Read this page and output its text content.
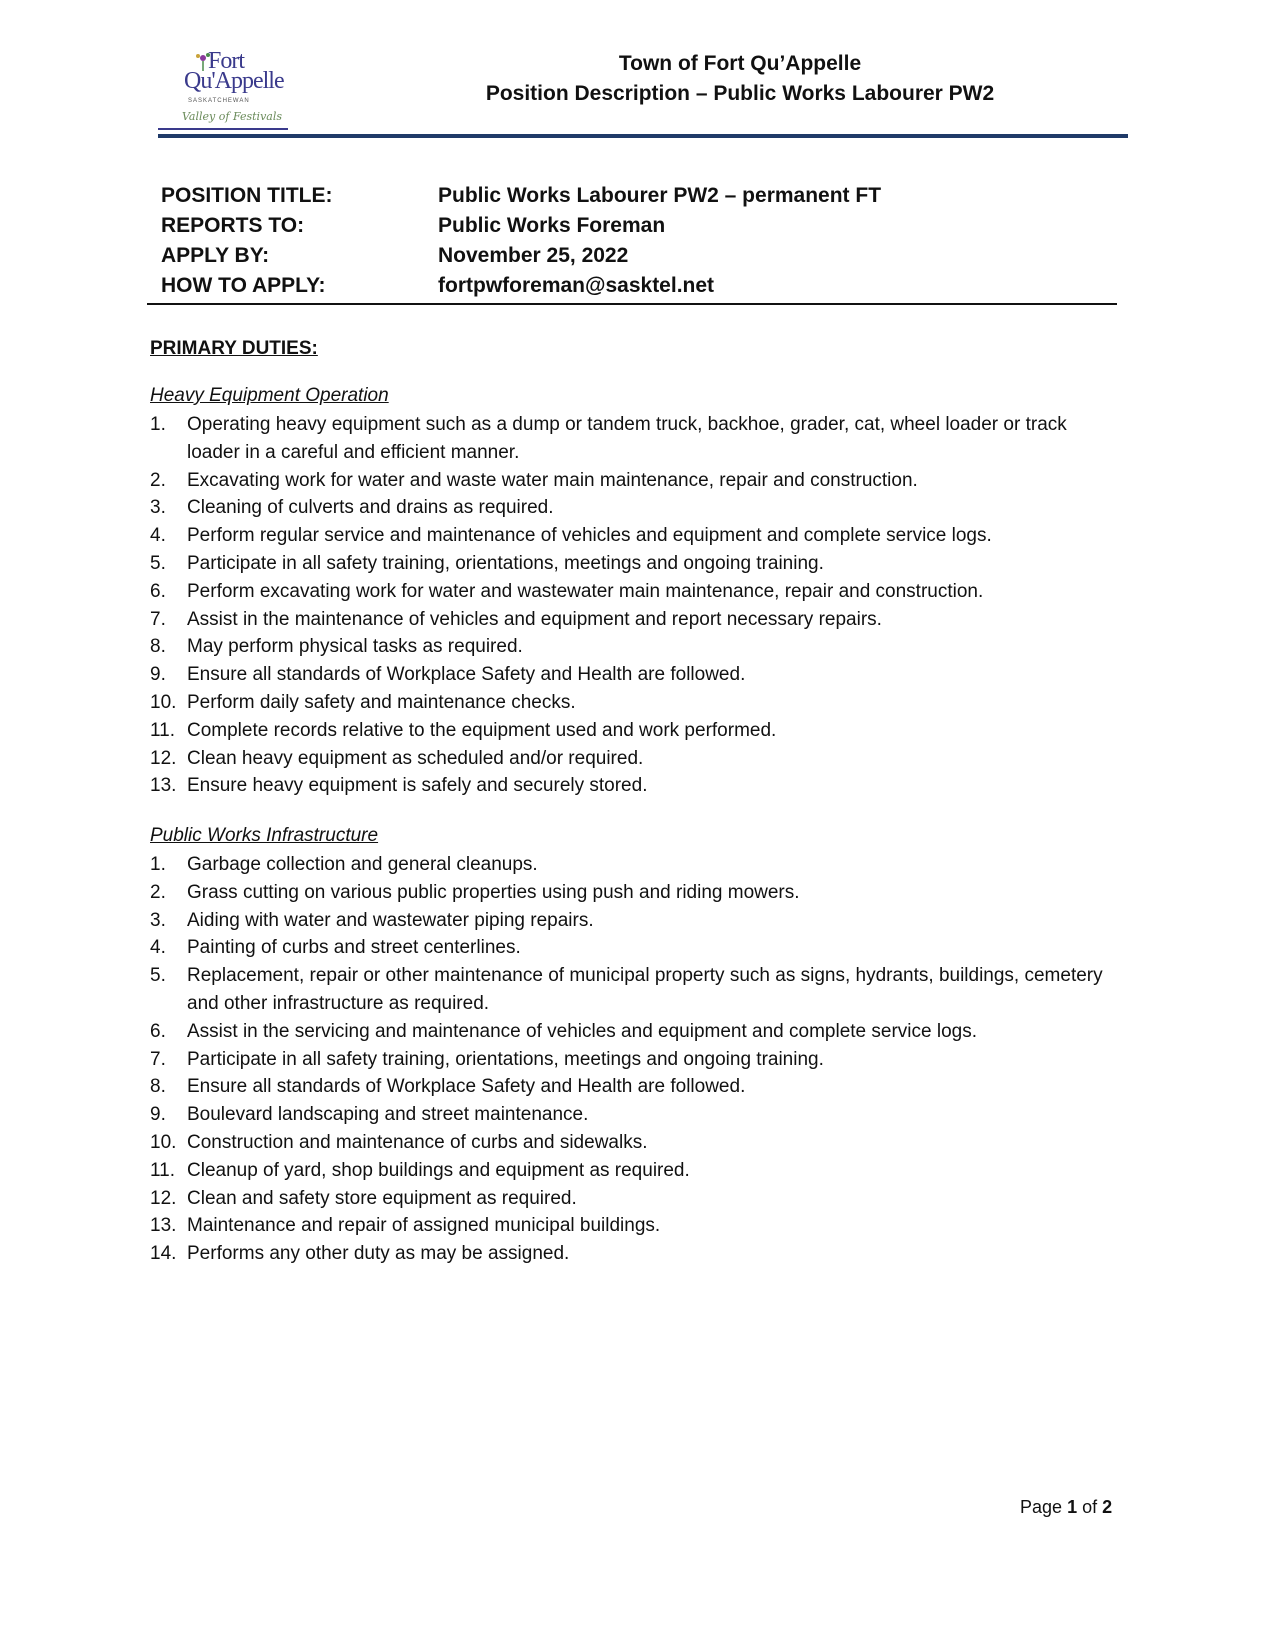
Fort
Qu'Appelle
SASKATCHEWAN
Valley of Festivals
Town of Fort Qu’Appelle
Position Description – Public Works Labourer PW2
POSITION TITLE:	Public Works Labourer PW2 – permanent FT
REPORTS TO:	Public Works Foreman
APPLY BY:	November 25, 2022
HOW TO APPLY:	fortpwforeman@sasktel.net
PRIMARY DUTIES:
Heavy Equipment Operation
1. Operating heavy equipment such as a dump or tandem truck, backhoe, grader, cat, wheel loader or track loader in a careful and efficient manner.
2. Excavating work for water and waste water main maintenance, repair and construction.
3. Cleaning of culverts and drains as required.
4. Perform regular service and maintenance of vehicles and equipment and complete service logs.
5. Participate in all safety training, orientations, meetings and ongoing training.
6. Perform excavating work for water and wastewater main maintenance, repair and construction.
7. Assist in the maintenance of vehicles and equipment and report necessary repairs.
8. May perform physical tasks as required.
9. Ensure all standards of Workplace Safety and Health are followed.
10. Perform daily safety and maintenance checks.
11. Complete records relative to the equipment used and work performed.
12. Clean heavy equipment as scheduled and/or required.
13. Ensure heavy equipment is safely and securely stored.
Public Works Infrastructure
1. Garbage collection and general cleanups.
2. Grass cutting on various public properties using push and riding mowers.
3. Aiding with water and wastewater piping repairs.
4. Painting of curbs and street centerlines.
5. Replacement, repair or other maintenance of municipal property such as signs, hydrants, buildings, cemetery and other infrastructure as required.
6. Assist in the servicing and maintenance of vehicles and equipment and complete service logs.
7. Participate in all safety training, orientations, meetings and ongoing training.
8. Ensure all standards of Workplace Safety and Health are followed.
9. Boulevard landscaping and street maintenance.
10. Construction and maintenance of curbs and sidewalks.
11. Cleanup of yard, shop buildings and equipment as required.
12. Clean and safety store equipment as required.
13. Maintenance and repair of assigned municipal buildings.
14. Performs any other duty as may be assigned.
Page 1 of 2
